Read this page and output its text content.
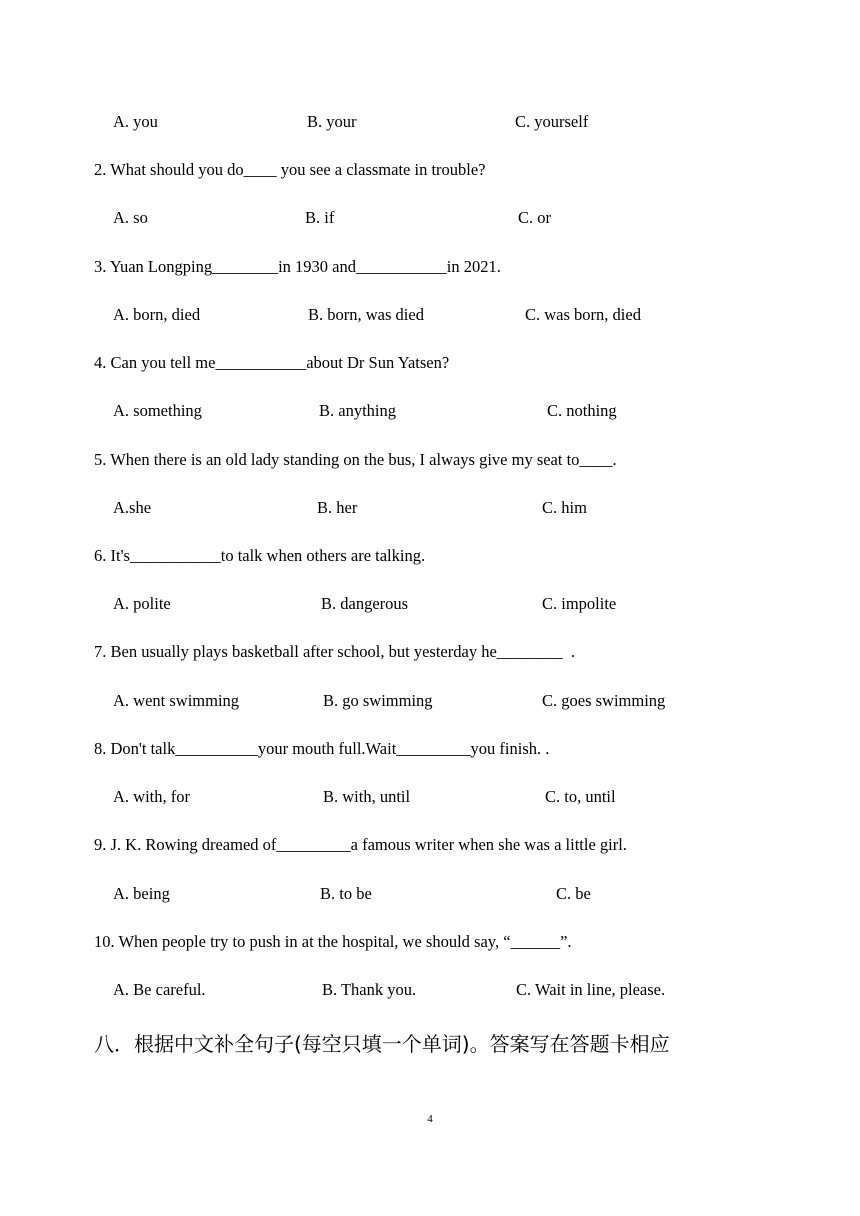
A. you	B. your	C. yourself
2. What should you do____ you see a classmate in trouble?
A. so	B. if	C. or
3. Yuan Longping________in 1930 and___________in 2021.
A. born, died	B. born, was died	C. was born, died
4. Can you tell me___________about Dr Sun Yatsen?
A. something	B. anything	C. nothing
5. When there is an old lady standing on the bus, I always give my seat to____.
A.she	B. her	C. him
6. It's___________to talk when others are talking.
A. polite	B. dangerous	C. impolite
7. Ben usually plays basketball after school, but yesterday he________  .
A. went swimming	B. go swimming	C. goes swimming
8. Don't talk__________your mouth full.Wait_________you finish. .
A. with, for	B. with, until	C. to, until
9. J. K. Rowing dreamed of_________a famous writer when she was a little girl.
A. being	B. to be	C. be
10. When people try to push in at the hospital, we should say, “______”.
A. Be careful.	B. Thank you.	C. Wait in line, please.
八．根据中文补全句子(每空只填一个单词)。答案写在答题卡相应
4
